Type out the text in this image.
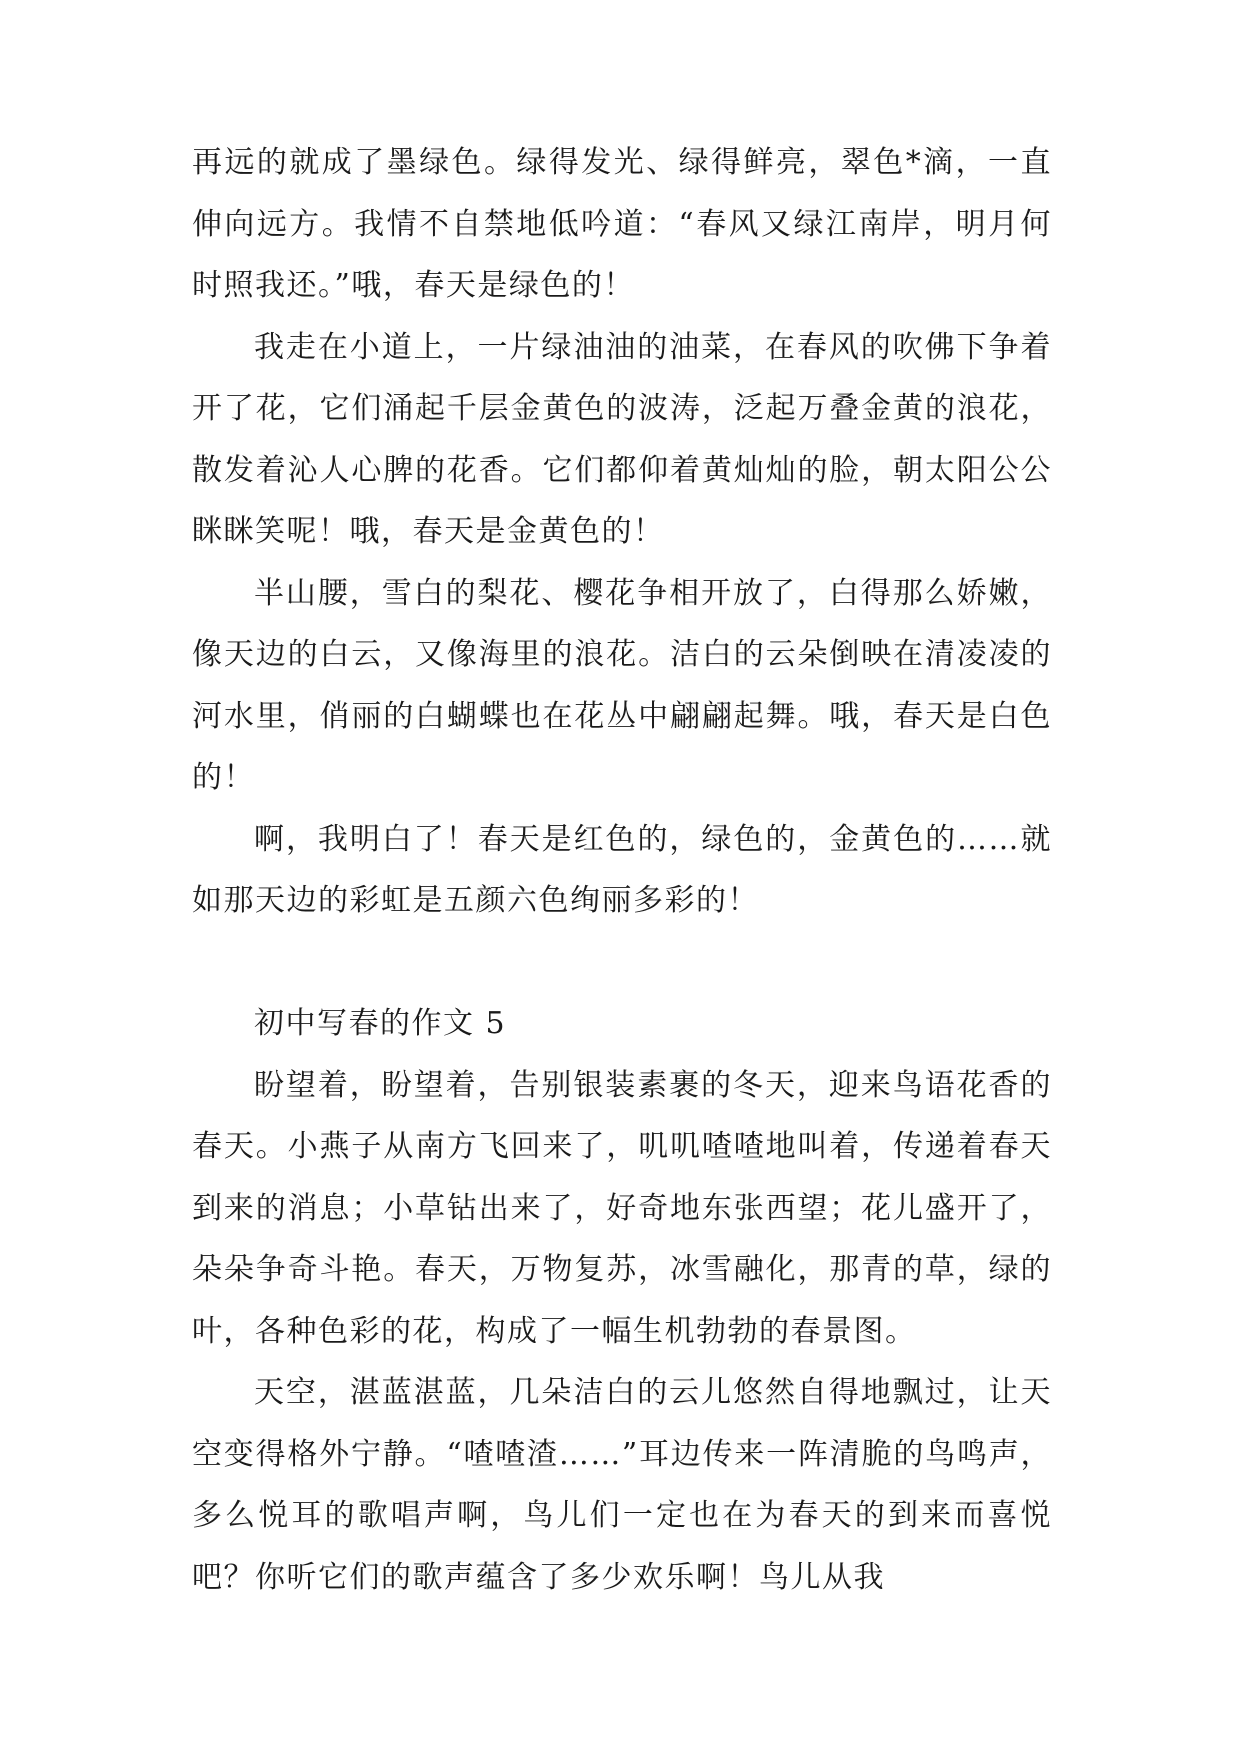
再远的就成了墨绿色。绿得发光、绿得鲜亮，翠色*滴，一直伸向远方。我情不自禁地低吟道：“春风又绿江南岸，明月何时照我还。”哦，春天是绿色的！

我走在小道上，一片绿油油的油菜，在春风的吹佛下争着开了花，它们涌起千层金黄色的波涛，泛起万叠金黄的浪花，散发着沁人心脾的花香。它们都仰着黄灿灿的脸，朝太阳公公眯眯笑呢！哦，春天是金黄色的！

半山腰，雪白的梨花、樱花争相开放了，白得那么娇嫩，像天边的白云，又像海里的浪花。洁白的云朵倒映在清凌凌的河水里，俏丽的白蝴蝶也在花丛中翩翩起舞。哦，春天是白色的！

啊，我明白了！春天是红色的，绿色的，金黄色的……就如那天边的彩虹是五颜六色绚丽多彩的！

初中写春的作文 5

盼望着，盼望着，告别银装素裹的冬天，迎来鸟语花香的春天。小燕子从南方飞回来了，叽叽喳喳地叫着，传递着春天到来的消息；小草钻出来了，好奇地东张西望；花儿盛开了，朵朵争奇斗艳。春天，万物复苏，冰雪融化，那青的草，绿的叶，各种色彩的花，构成了一幅生机勃勃的春景图。

天空，湛蓝湛蓝，几朵洁白的云儿悠然自得地飘过，让天空变得格外宁静。“喳喳渣……”耳边传来一阵清脆的鸟鸣声，多么悦耳的歌唱声啊，鸟儿们一定也在为春天的到来而喜悦吧？你听它们的歌声蕴含了多少欢乐啊！鸟儿从我
